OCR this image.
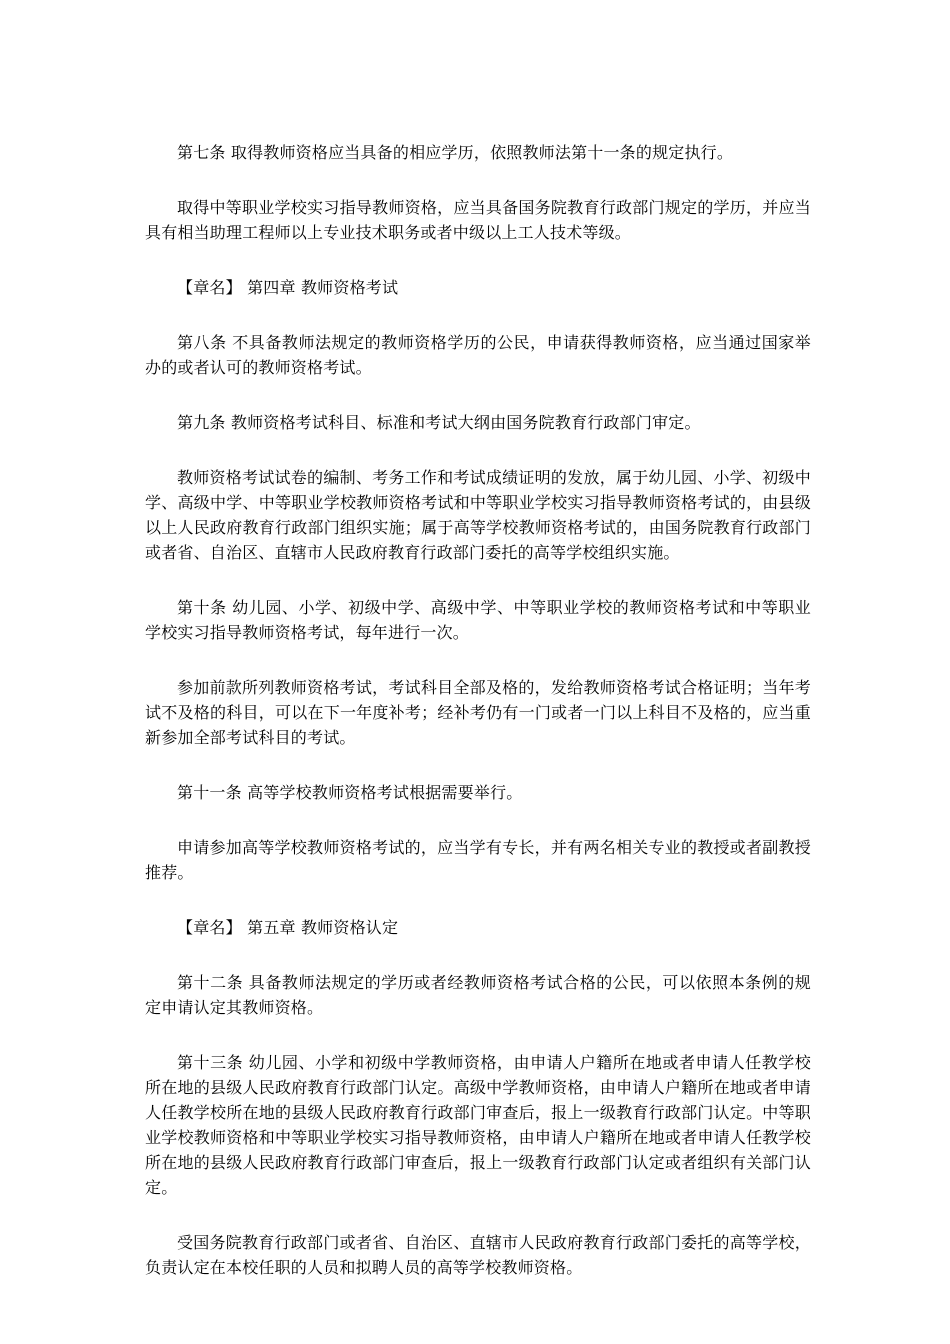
第七条 取得教师资格应当具备的相应学历，依照教师法第十一条的规定执行。

取得中等职业学校实习指导教师资格，应当具备国务院教育行政部门规定的学历，并应当具有相当助理工程师以上专业技术职务或者中级以上工人技术等级。

【章名】 第四章 教师资格考试

第八条 不具备教师法规定的教师资格学历的公民，申请获得教师资格，应当通过国家举办的或者认可的教师资格考试。

第九条 教师资格考试科目、标准和考试大纲由国务院教育行政部门审定。

教师资格考试试卷的编制、考务工作和考试成绩证明的发放，属于幼儿园、小学、初级中学、高级中学、中等职业学校教师资格考试和中等职业学校实习指导教师资格考试的，由县级以上人民政府教育行政部门组织实施；属于高等学校教师资格考试的，由国务院教育行政部门或者省、自治区、直辖市人民政府教育行政部门委托的高等学校组织实施。

第十条 幼儿园、小学、初级中学、高级中学、中等职业学校的教师资格考试和中等职业学校实习指导教师资格考试，每年进行一次。

参加前款所列教师资格考试，考试科目全部及格的，发给教师资格考试合格证明；当年考试不及格的科目，可以在下一年度补考；经补考仍有一门或者一门以上科目不及格的，应当重新参加全部考试科目的考试。

第十一条 高等学校教师资格考试根据需要举行。

申请参加高等学校教师资格考试的，应当学有专长，并有两名相关专业的教授或者副教授推荐。

【章名】 第五章 教师资格认定

第十二条 具备教师法规定的学历或者经教师资格考试合格的公民，可以依照本条例的规定申请认定其教师资格。

第十三条 幼儿园、小学和初级中学教师资格，由申请人户籍所在地或者申请人任教学校所在地的县级人民政府教育行政部门认定。高级中学教师资格，由申请人户籍所在地或者申请人任教学校所在地的县级人民政府教育行政部门审查后，报上一级教育行政部门认定。中等职业学校教师资格和中等职业学校实习指导教师资格，由申请人户籍所在地或者申请人任教学校所在地的县级人民政府教育行政部门审查后，报上一级教育行政部门认定或者组织有关部门认定。

受国务院教育行政部门或者省、自治区、直辖市人民政府教育行政部门委托的高等学校，负责认定在本校任职的人员和拟聘人员的高等学校教师资格。
